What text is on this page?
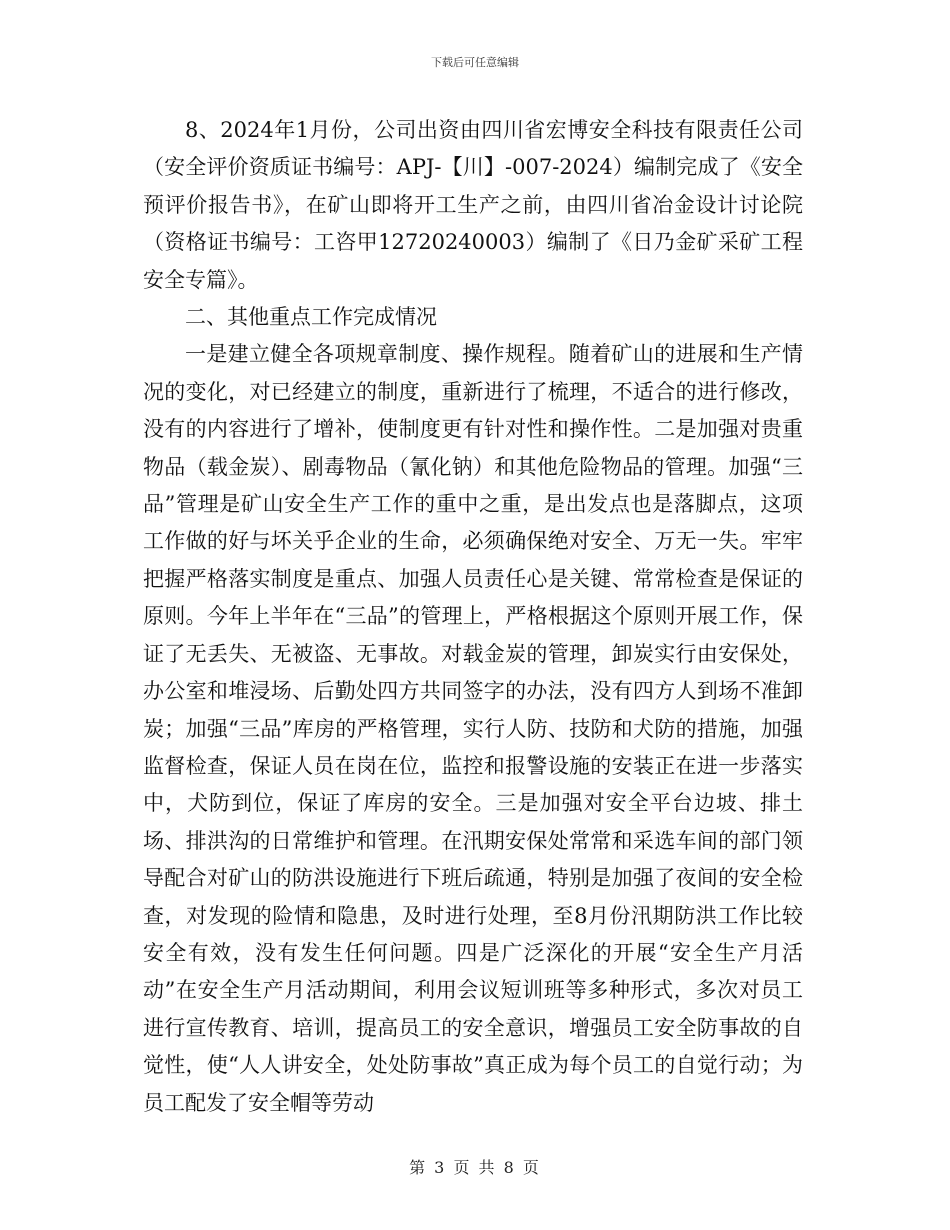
下载后可任意编辑

8、2024年1月份，公司出资由四川省宏博安全科技有限责任公司（安全评价资质证书编号：APJ-【川】-007-2024）编制完成了《安全预评价报告书》，在矿山即将开工生产之前，由四川省冶金设计讨论院（资格证书编号：工咨甲12720240003）编制了《日乃金矿采矿工程安全专篇》。

二、其他重点工作完成情况

一是建立健全各项规章制度、操作规程。随着矿山的进展和生产情况的变化，对已经建立的制度，重新进行了梳理，不适合的进行修改，没有的内容进行了增补，使制度更有针对性和操作性。二是加强对贵重物品（载金炭）、剧毒物品（氰化钠）和其他危险物品的管理。加强“三品”管理是矿山安全生产工作的重中之重，是出发点也是落脚点，这项工作做的好与坏关乎企业的生命，必须确保绝对安全、万无一失。牢牢把握严格落实制度是重点、加强人员责任心是关键、常常检查是保证的原则。今年上半年在“三品”的管理上，严格根据这个原则开展工作，保证了无丢失、无被盗、无事故。对载金炭的管理，卸炭实行由安保处，办公室和堆浸场、后勤处四方共同签字的办法，没有四方人到场不准卸炭；加强“三品”库房的严格管理，实行人防、技防和犬防的措施，加强监督检查，保证人员在岗在位，监控和报警设施的安装正在进一步落实中，犬防到位，保证了库房的安全。三是加强对安全平台边坡、排土场、排洪沟的日常维护和管理。在汛期安保处常常和采选车间的部门领导配合对矿山的防洪设施进行下班后疏通，特别是加强了夜间的安全检查，对发现的险情和隐患，及时进行处理，至8月份汛期防洪工作比较安全有效，没有发生任何问题。四是广泛深化的开展“安全生产月活动”在安全生产月活动期间，利用会议短训班等多种形式，多次对员工进行宣传教育、培训，提高员工的安全意识，增强员工安全防事故的自觉性，使“人人讲安全，处处防事故”真正成为每个员工的自觉行动；为员工配发了安全帽等劳动

第 3 页 共 8 页
